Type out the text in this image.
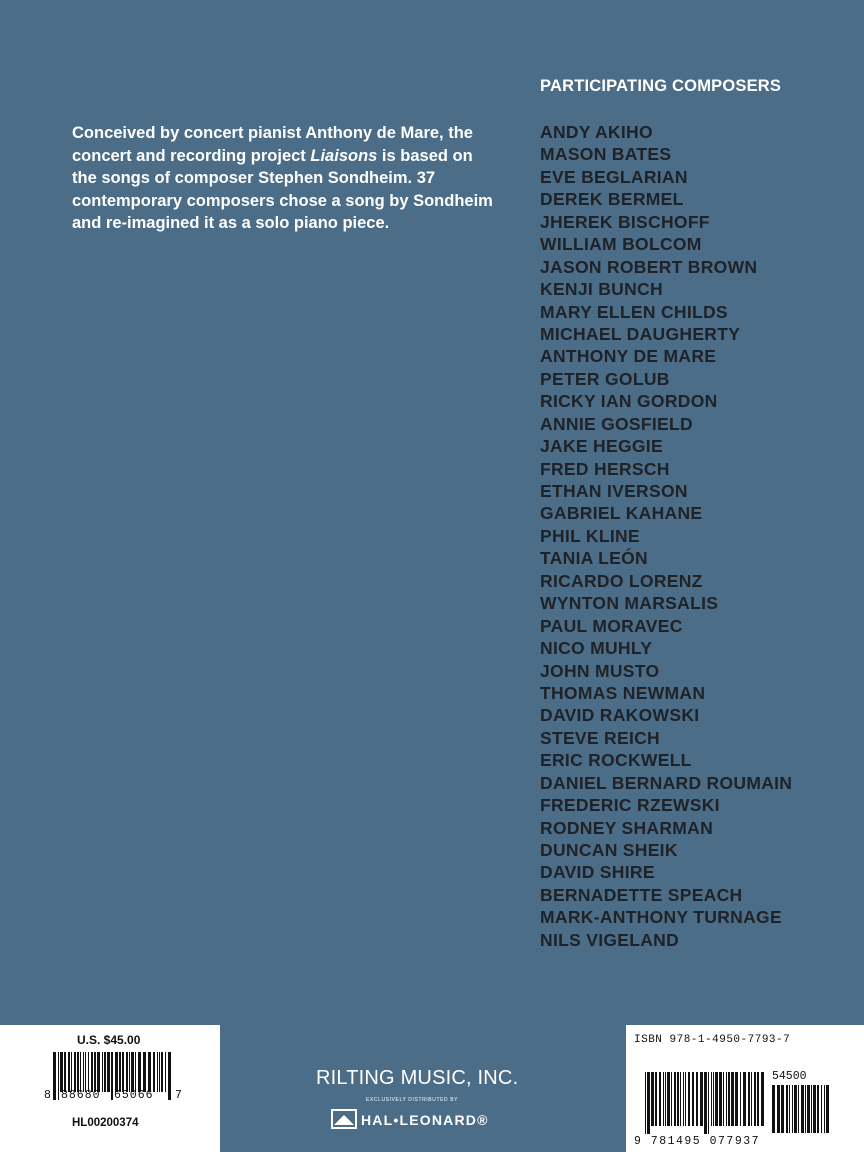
Conceived by concert pianist Anthony de Mare, the concert and recording project Liaisons is based on the songs of composer Stephen Sondheim. 37 contemporary composers chose a song by Sondheim and re-imagined it as a solo piano piece.
PARTICIPATING COMPOSERS
ANDY AKIHO
MASON BATES
EVE BEGLARIAN
DEREK BERMEL
JHEREK BISCHOFF
WILLIAM BOLCOM
JASON ROBERT BROWN
KENJI BUNCH
MARY ELLEN CHILDS
MICHAEL DAUGHERTY
ANTHONY DE MARE
PETER GOLUB
RICKY IAN GORDON
ANNIE GOSFIELD
JAKE HEGGIE
FRED HERSCH
ETHAN IVERSON
GABRIEL KAHANE
PHIL KLINE
TANIA LEÓN
RICARDO LORENZ
WYNTON MARSALIS
PAUL MORAVEC
NICO MUHLY
JOHN MUSTO
THOMAS NEWMAN
DAVID RAKOWSKI
STEVE REICH
ERIC ROCKWELL
DANIEL BERNARD ROUMAIN
FREDERIC RZEWSKI
RODNEY SHARMAN
DUNCAN SHEIK
DAVID SHIRE
BERNADETTE SPEACH
MARK-ANTHONY TURNAGE
NILS VIGELAND
U.S. $45.00
8 88680 65066 7
HL00200374
RILTING MUSIC, INC.
EXCLUSIVELY DISTRIBUTED BY
HAL•LEONARD®
ISBN 978-1-4950-7793-7
54500
9 781495 077937
